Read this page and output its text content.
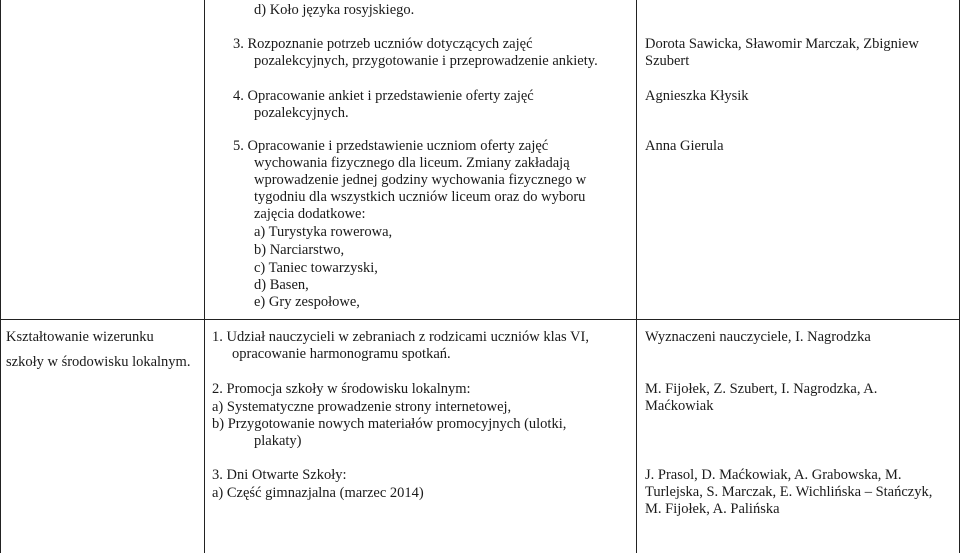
d) Koło języka rosyjskiego.
3. Rozpoznanie potrzeb uczniów dotyczących zajęć
pozalekcyjnych, przygotowanie i przeprowadzenie ankiety.
4. Opracowanie ankiet i przedstawienie oferty zajęć
pozalekcyjnych.
5. Opracowanie i przedstawienie uczniom oferty zajęć
wychowania fizycznego dla liceum. Zmiany zakładają
wprowadzenie jednej godziny wychowania fizycznego w
tygodniu dla wszystkich uczniów liceum oraz do wyboru
zajęcia dodatkowe:
a) Turystyka rowerowa,
b) Narciarstwo,
c) Taniec towarzyski,
d) Basen,
e) Gry zespołowe,
Dorota Sawicka, Sławomir Marczak, Zbigniew
Szubert
Agnieszka Kłysik
Anna Gierula
Kształtowanie wizerunku
szkoły w środowisku lokalnym.
1. Udział nauczycieli w zebraniach z rodzicami uczniów klas VI,
opracowanie harmonogramu spotkań.
2. Promocja szkoły w środowisku lokalnym:
a) Systematyczne prowadzenie strony internetowej,
b) Przygotowanie nowych materiałów promocyjnych (ulotki,
plakaty)
3. Dni Otwarte Szkoły:
a) Część gimnazjalna (marzec 2014)
Wyznaczeni nauczyciele, I. Nagrodzka
M. Fijołek, Z. Szubert, I. Nagrodzka, A.
Maćkowiak
J. Prasol, D. Maćkowiak, A. Grabowska, M.
Turlejska, S. Marczak, E. Wichlińska – Stańczyk,
M. Fijołek, A. Palińska
